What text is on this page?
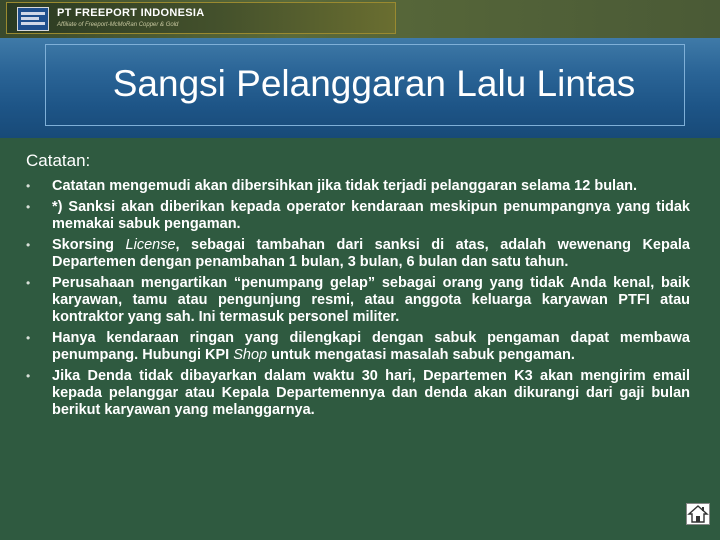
PT FREEPORT INDONESIA
Affiliate of Freeport-McMoRan Copper & Gold
Sangsi Pelanggaran Lalu Lintas
Catatan:
• Catatan mengemudi akan dibersihkan jika tidak terjadi pelanggaran selama 12 bulan.
• *) Sanksi akan diberikan kepada operator kendaraan meskipun penumpangnya yang tidak memakai sabuk pengaman.
• Skorsing License, sebagai tambahan dari sanksi di atas, adalah wewenang Kepala Departemen dengan penambahan 1 bulan, 3 bulan, 6 bulan dan satu tahun.
• Perusahaan mengartikan “penumpang gelap” sebagai orang yang tidak Anda kenal, baik karyawan, tamu atau pengunjung resmi, atau anggota keluarga karyawan PTFI atau kontraktor yang sah. Ini termasuk personel militer.
• Hanya kendaraan ringan yang dilengkapi dengan sabuk pengaman dapat membawa penumpang. Hubungi KPI Shop untuk mengatasi masalah sabuk pengaman.
• Jika Denda tidak dibayarkan dalam waktu 30 hari, Departemen K3 akan mengirim email kepada pelanggar atau Kepala Departemennya dan denda akan dikurangi dari gaji bulan berikut karyawan yang melanggarnya.
